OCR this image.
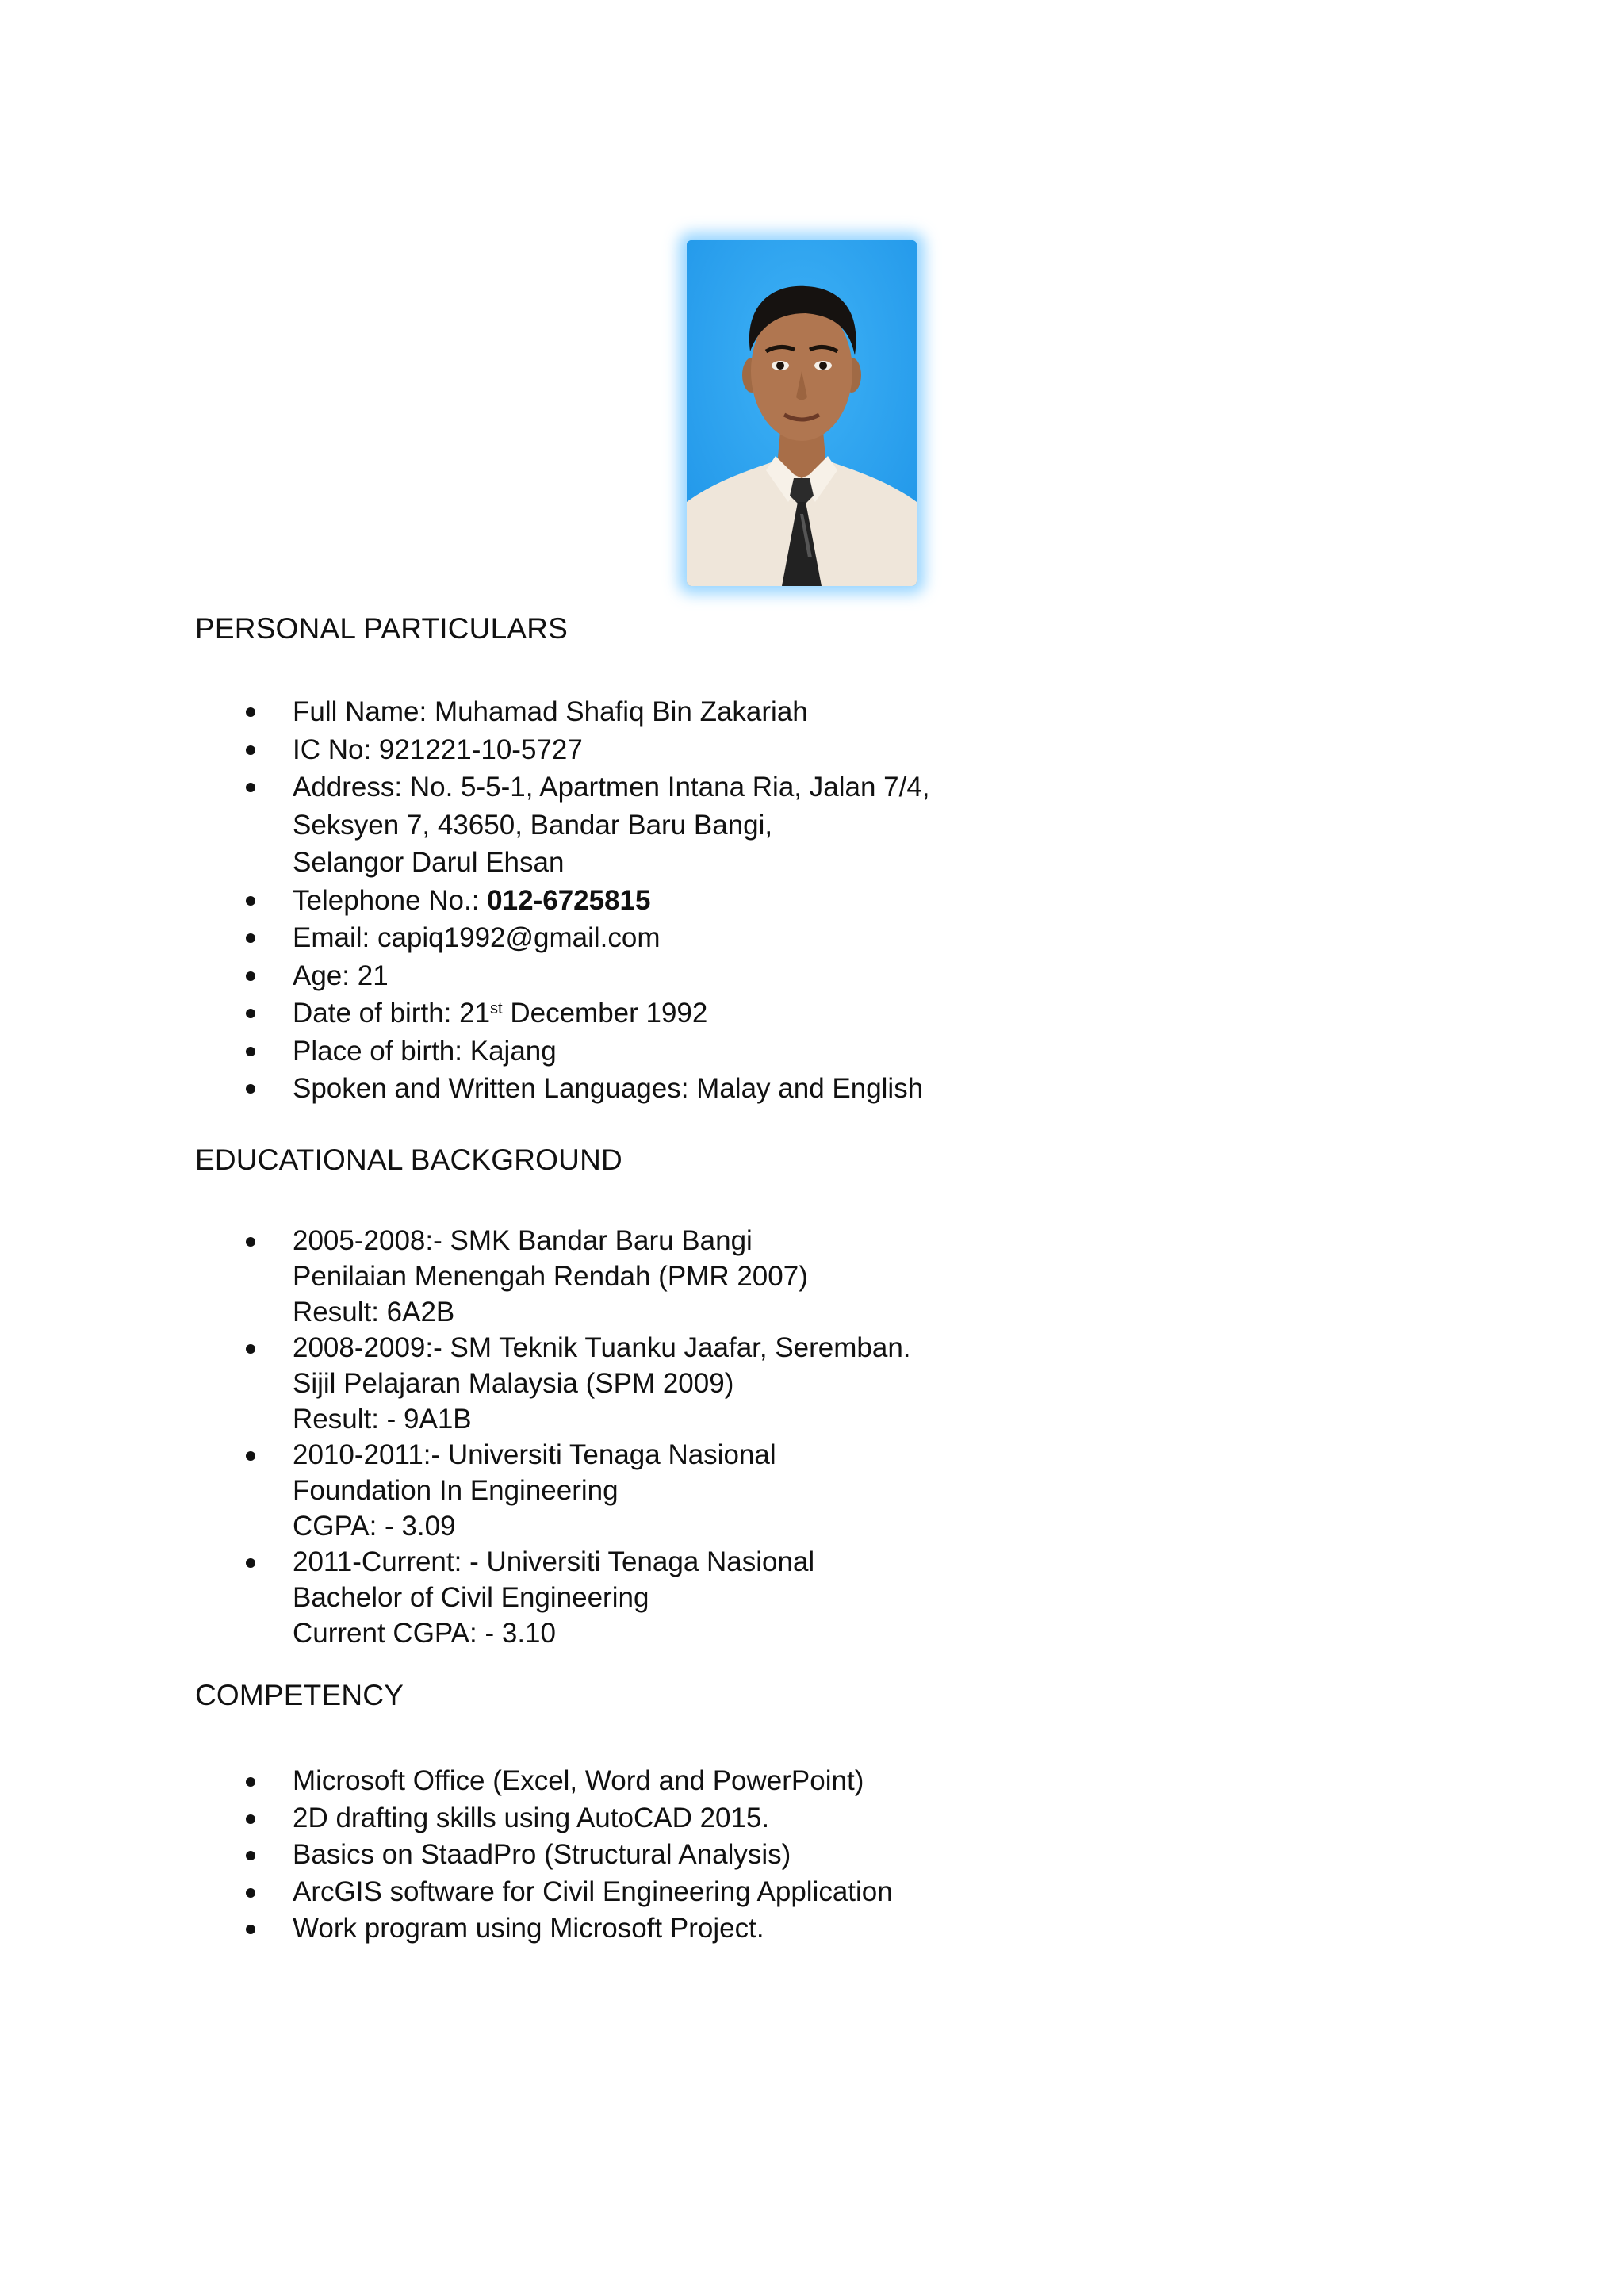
PERSONAL PARTICULARS
Full Name: Muhamad Shafiq Bin Zakariah
IC No: 921221-10-5727
Address: No. 5-5-1, Apartmen Intana Ria, Jalan 7/4,
Seksyen 7, 43650, Bandar Baru Bangi,
Selangor Darul Ehsan
Telephone No.: 012-6725815
Email: capiq1992@gmail.com
Age: 21
Date of birth: 21st December 1992
Place of birth: Kajang
Spoken and Written Languages: Malay and English
EDUCATIONAL BACKGROUND
2005-2008:- SMK Bandar Baru Bangi
Penilaian Menengah Rendah (PMR 2007)
Result: 6A2B
2008-2009:- SM Teknik Tuanku Jaafar, Seremban.
Sijil Pelajaran Malaysia (SPM 2009)
Result: - 9A1B
2010-2011:- Universiti Tenaga Nasional
Foundation In Engineering
CGPA: - 3.09
2011-Current: - Universiti Tenaga Nasional
Bachelor of Civil Engineering
Current CGPA: - 3.10
COMPETENCY
Microsoft Office (Excel, Word and PowerPoint)
2D drafting skills using AutoCAD 2015.
Basics on StaadPro (Structural Analysis)
ArcGIS software for Civil Engineering Application
Work program using Microsoft Project.
